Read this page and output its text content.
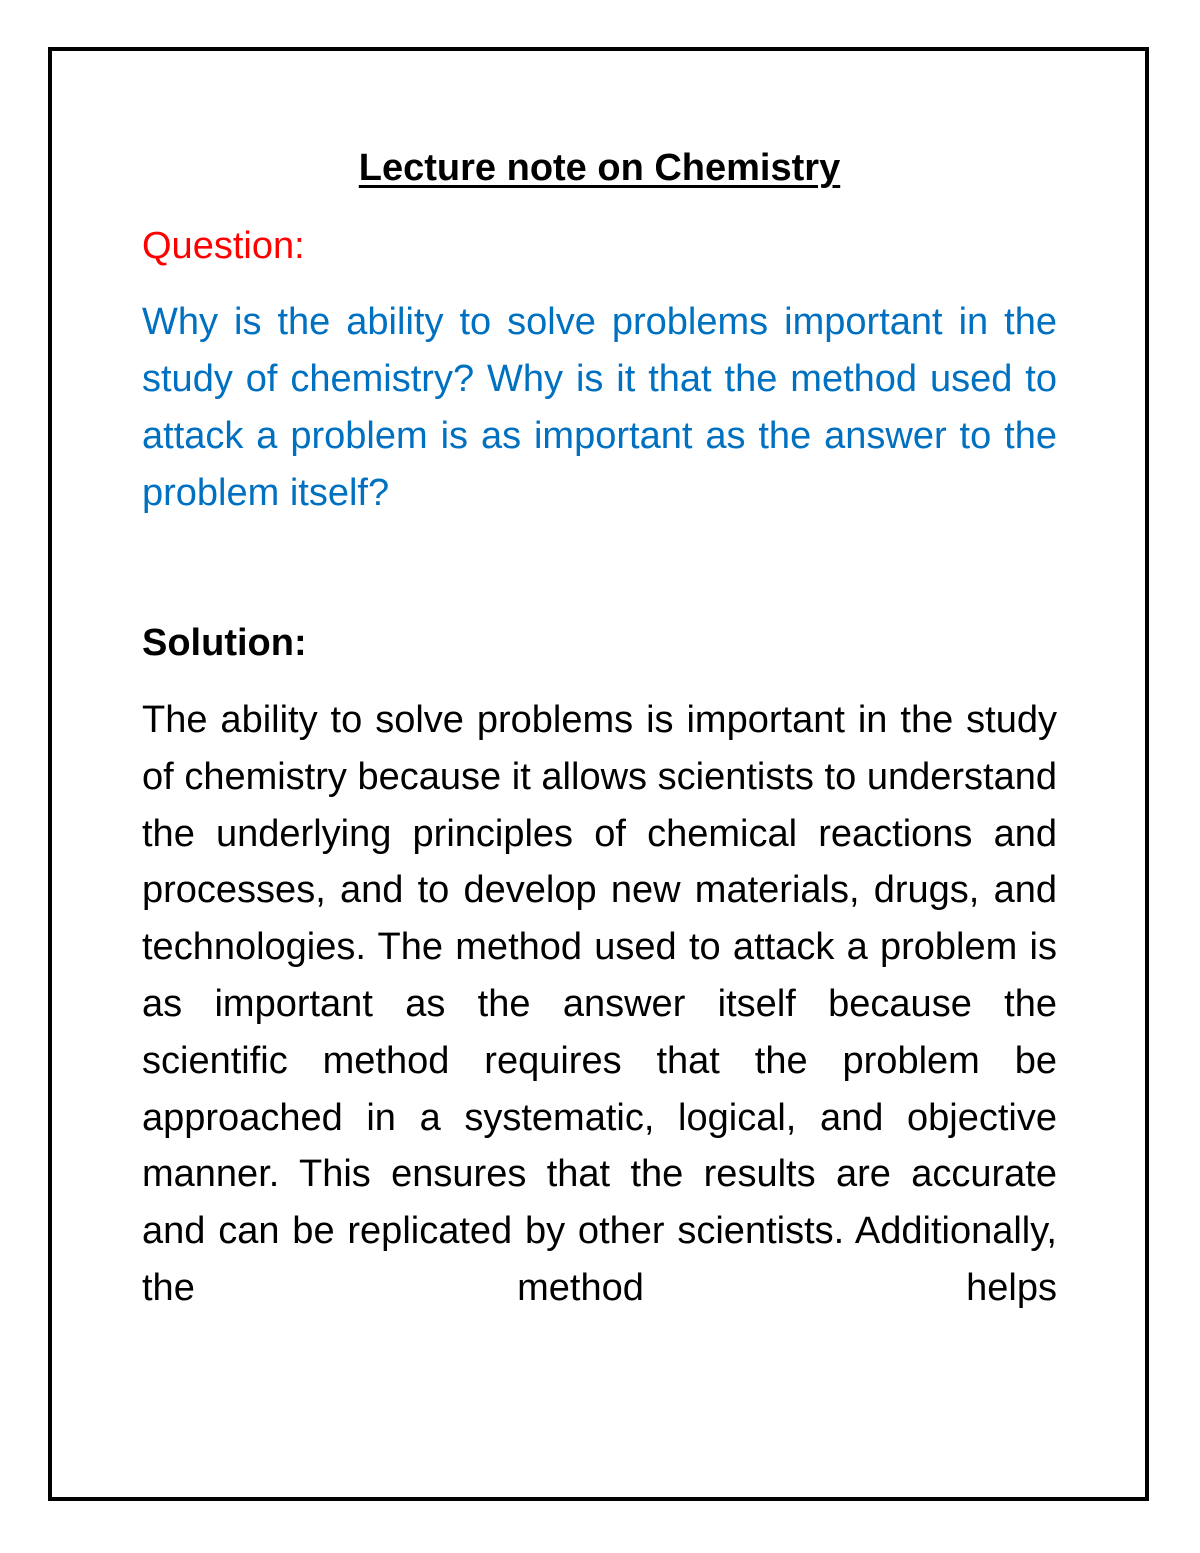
Lecture note on Chemistry

Question:

Why is the ability to solve problems important in the study of chemistry? Why is it that the method used to attack a problem is as important as the answer to the problem itself?

Solution:

The ability to solve problems is important in the study of chemistry because it allows scientists to understand the underlying principles of chemical reactions and processes, and to develop new materials, drugs, and technologies. The method used to attack a problem is as important as the answer itself because the scientific method requires that the problem be approached in a systematic, logical, and objective manner. This ensures that the results are accurate and can be replicated by other scientists. Additionally, the method helps
